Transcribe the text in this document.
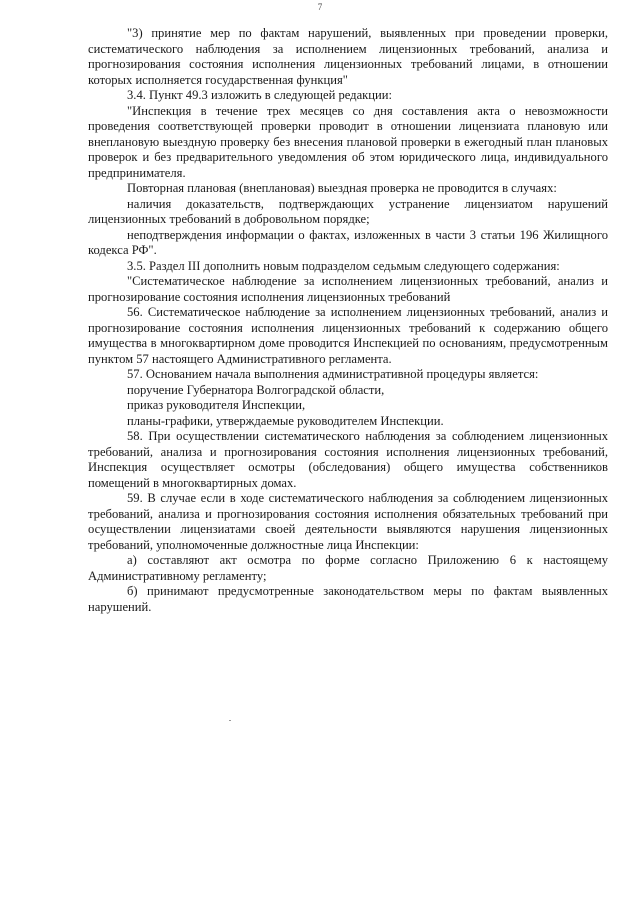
7

"3) принятие мер по фактам нарушений, выявленных при проведении проверки, систематического наблюдения за исполнением лицензионных требований, анализа и прогнозирования состояния исполнения лицензионных требований лицами, в отношении которых исполняется государственная функция"

3.4. Пункт 49.3 изложить в следующей редакции:

"Инспекция в течение трех месяцев со дня составления акта о невозможности проведения соответствующей проверки проводит в отношении лицензиата плановую или внеплановую выездную проверку без внесения плановой проверки в ежегодный план плановых проверок и без предварительного уведомления об этом юридического лица, индивидуального предпринимателя.

Повторная плановая (внеплановая) выездная проверка не проводится в случаях:

наличия доказательств, подтверждающих устранение лицензиатом нарушений лицензионных требований в добровольном порядке;

неподтверждения информации о фактах, изложенных в части 3 статьи 196 Жилищного кодекса РФ".

3.5. Раздел III дополнить новым подразделом седьмым следующего содержания:

"Систематическое наблюдение за исполнением лицензионных требований, анализ и прогнозирование состояния исполнения лицензионных требований

56. Систематическое наблюдение за исполнением лицензионных требований, анализ и прогнозирование состояния исполнения лицензионных требований к содержанию общего имущества в многоквартирном доме проводится Инспекцией по основаниям, предусмотренным пунктом 57 настоящего Административного регламента.

57. Основанием начала выполнения административной процедуры является:

поручение Губернатора Волгоградской области,

приказ руководителя Инспекции,

планы-графики, утверждаемые руководителем Инспекции.

58. При осуществлении систематического наблюдения за соблюдением лицензионных требований, анализа и прогнозирования состояния исполнения лицензионных требований, Инспекция осуществляет осмотры (обследования) общего имущества собственников помещений в многоквартирных домах.

59. В случае если в ходе систематического наблюдения за соблюдением лицензионных требований, анализа и прогнозирования состояния исполнения обязательных требований при осуществлении лицензиатами своей деятельности выявляются нарушения лицензионных требований, уполномоченные должностные лица Инспекции:

а) составляют акт осмотра по форме согласно Приложению 6 к настоящему Административному регламенту;

б) принимают предусмотренные законодательством меры по фактам выявленных нарушений.
